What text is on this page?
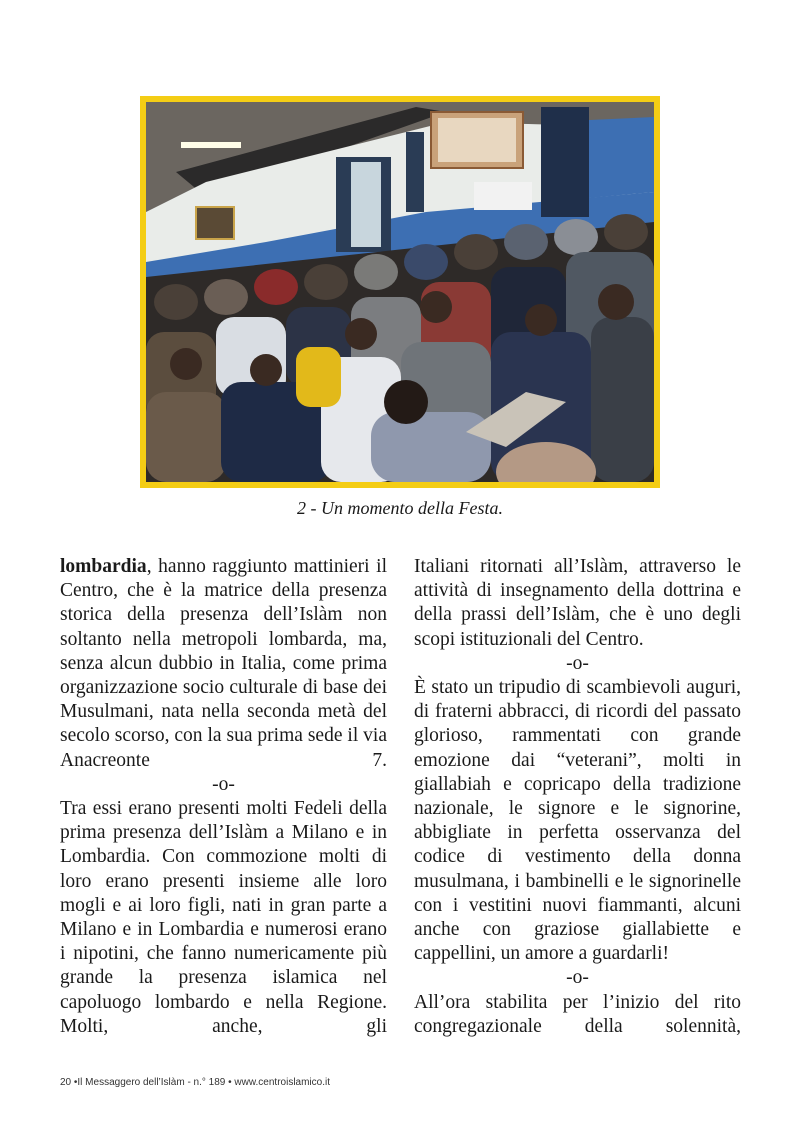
2 - Un momento della Festa.

lombardia, hanno raggiunto mattinieri il Centro, che è la matrice della presenza storica della presenza dell’Islàm non soltanto nella metropoli lombarda, ma, senza alcun dubbio in Italia, come prima organizzazione socio culturale di base dei Musulmani, nata nella seconda metà del secolo scorso, con la sua prima sede il via Anacreonte 7.

-o-

Tra essi erano presenti molti Fedeli della prima presenza dell’Islàm a Milano e in Lombardia. Con commozione molti di loro erano presenti insieme alle loro mogli e ai loro figli, nati in gran parte a Milano e in Lombardia e numerosi erano i nipotini, che fanno numericamente più grande la presenza islamica nel capoluogo lombardo e nella Regione. Molti, anche, gli

Italiani ritornati all’Islàm, attraverso le attività di insegnamento della dottrina e della prassi dell’Islàm, che è uno degli scopi istituzionali del Centro.

-o-

È stato un tripudio di scambievoli auguri, di fraterni abbracci, di ricordi del passato glorioso, rammentati con grande emozione dai “veterani”, molti in giallabiah e copricapo della tradizione nazionale, le signore e le signorine, abbigliate in perfetta osservanza del codice di vestimento della donna musulmana, i bambinelli e le signorinelle con i vestitini nuovi fiammanti, alcuni anche con graziose giallabiette e cappellini, un amore a guardarli!

-o-

All’ora stabilita per l’inizio del rito congregazionale della solennità,

20 •Il Messaggero dell’Islàm - n.° 189 • www.centroislamico.it
